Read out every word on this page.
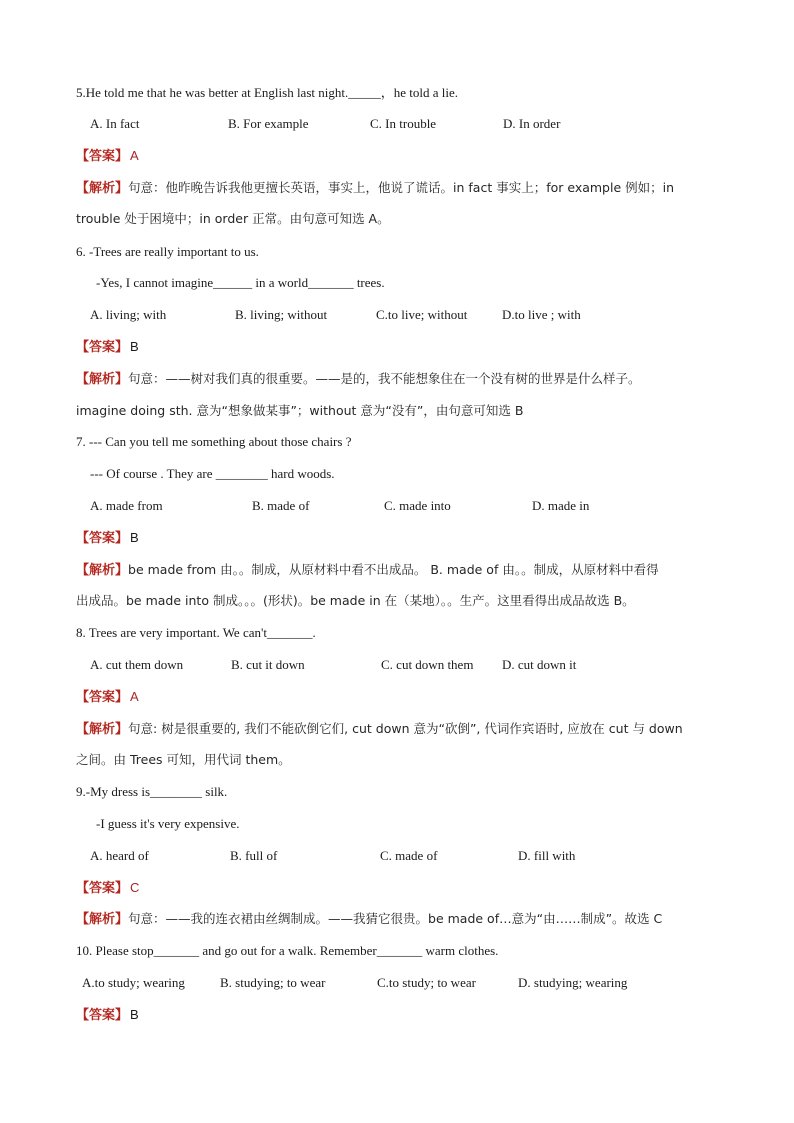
5.He told me that he was better at English last night._____，he told a lie.
A. In fact	B. For example	C. In trouble	D. In order
【答案】 A
【解析】句意：他昨晚告诉我他更擅长英语，事实上，他说了谎话。in fact 事实上；for example 例如；in
trouble 处于困境中；in order 正常。由句意可知选 A。
6. -Trees are really important to us.
-Yes, I cannot imagine______ in a world_______ trees.
A. living; with	B. living; without	C.to live; without	D.to live ; with
【答案】 B
【解析】句意：——树对我们真的很重要。——是的，我不能想象住在一个没有树的世界是什么样子。
imagine doing sth. 意为“想象做某事”；without 意为“没有”，由句意可知选 B
7. --- Can you tell me something about those chairs ?
--- Of course . They are ________ hard woods.
A. made from	B. made of	C. made into	D. made in
【答案】 B
【解析】be made from 由。。制成，从原材料中看不出成品。 B. made of 由。。制成，从原材料中看得
出成品。be made into 制成。。。(形状)。be made in 在（某地）。。生产。这里看得出成品故选 B。
8. Trees are very important. We can't_______.
A. cut them down	B. cut it down	C. cut down them D. cut down it
【答案】 A
【解析】句意: 树是很重要的, 我们不能砍倒它们, cut down 意为“砍倒”, 代词作宾语时, 应放在 cut 与 down
之间。由 Trees 可知，用代词 them。
9.-My dress is________ silk.
-I guess it's very expensive.
A. heard of	B. full of	C. made of	D. fill with
【答案】 C
【解析】句意：——我的连衣裙由丝绸制成。——我猜它很贵。be made of…意为“由……制成”。故选 C
10. Please stop_______ and go out for a walk. Remember_______ warm clothes.
A.to study; wearing	B. studying; to wear	C.to study; to wear	D. studying; wearing
【答案】 B
